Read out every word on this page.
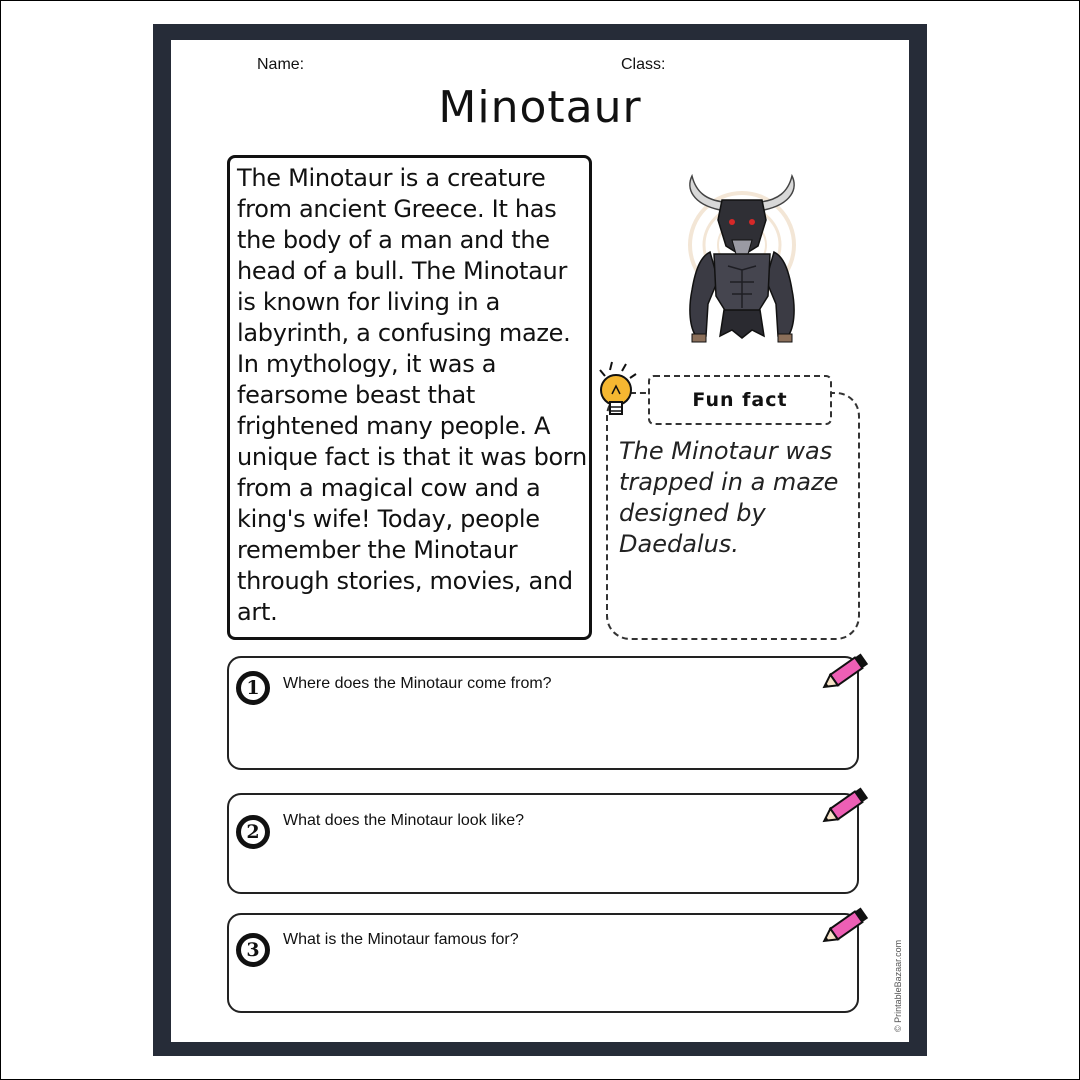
Name:	Class:
Minotaur
The Minotaur is a creature from ancient Greece. It has the body of a man and the head of a bull. The Minotaur is known for living in a labyrinth, a confusing maze. In mythology, it was a fearsome beast that frightened many people. A unique fact is that it was born from a magical cow and a king's wife! Today, people remember the Minotaur through stories, movies, and art.
Fun fact
The Minotaur was trapped in a maze designed by Daedalus.
1	Where does the Minotaur come from?
2
What does the Minotaur look like?
3	What is the Minotaur famous for?
© PrintableBazaar.com
